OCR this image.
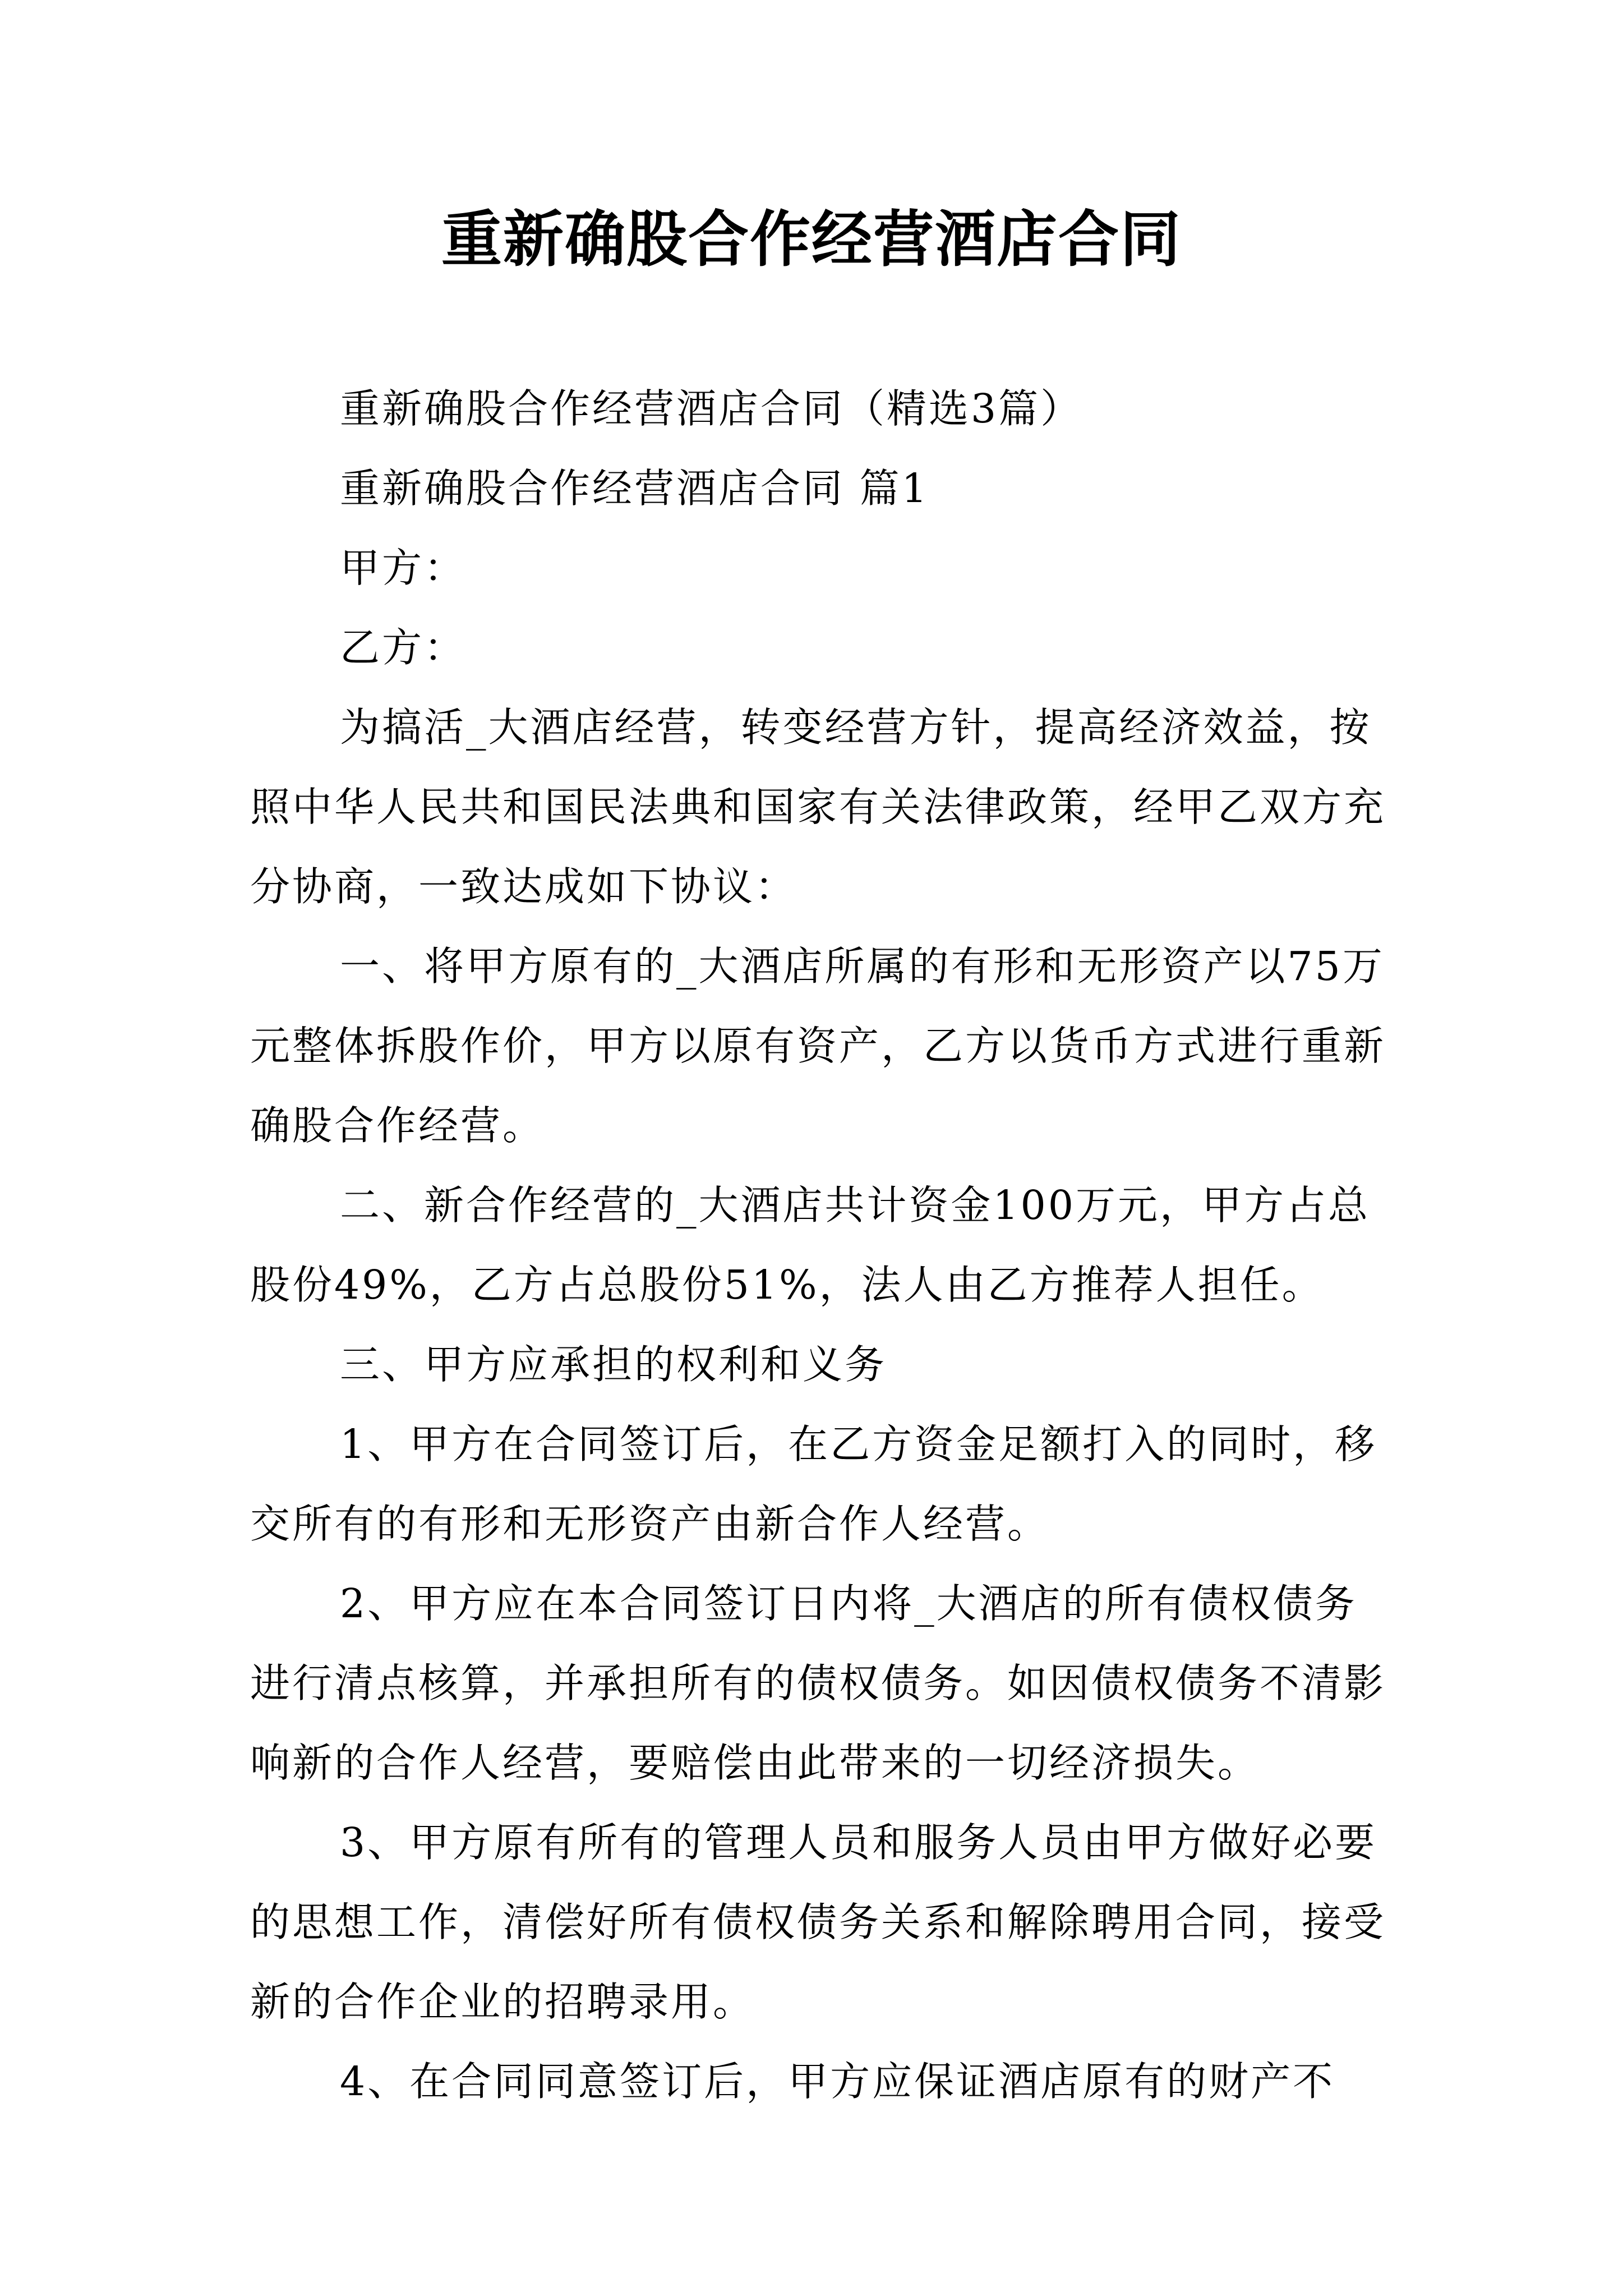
重新确股合作经营酒店合同

重新确股合作经营酒店合同（精选3篇）

重新确股合作经营酒店合同 篇1

甲方：

乙方：

为搞活_大酒店经营，转变经营方针，提高经济效益，按照中华人民共和国民法典和国家有关法律政策，经甲乙双方充分协商，一致达成如下协议：

一、将甲方原有的_大酒店所属的有形和无形资产以75万元整体拆股作价，甲方以原有资产，乙方以货币方式进行重新确股合作经营。

二、新合作经营的_大酒店共计资金100万元，甲方占总股份49%，乙方占总股份51%，法人由乙方推荐人担任。

三、甲方应承担的权利和义务

1、甲方在合同签订后，在乙方资金足额打入的同时，移交所有的有形和无形资产由新合作人经营。

2、甲方应在本合同签订日内将_大酒店的所有债权债务进行清点核算，并承担所有的债权债务。如因债权债务不清影响新的合作人经营，要赔偿由此带来的一切经济损失。

3、甲方原有所有的管理人员和服务人员由甲方做好必要的思想工作，清偿好所有债权债务关系和解除聘用合同，接受新的合作企业的招聘录用。

4、在合同同意签订后，甲方应保证酒店原有的财产不
